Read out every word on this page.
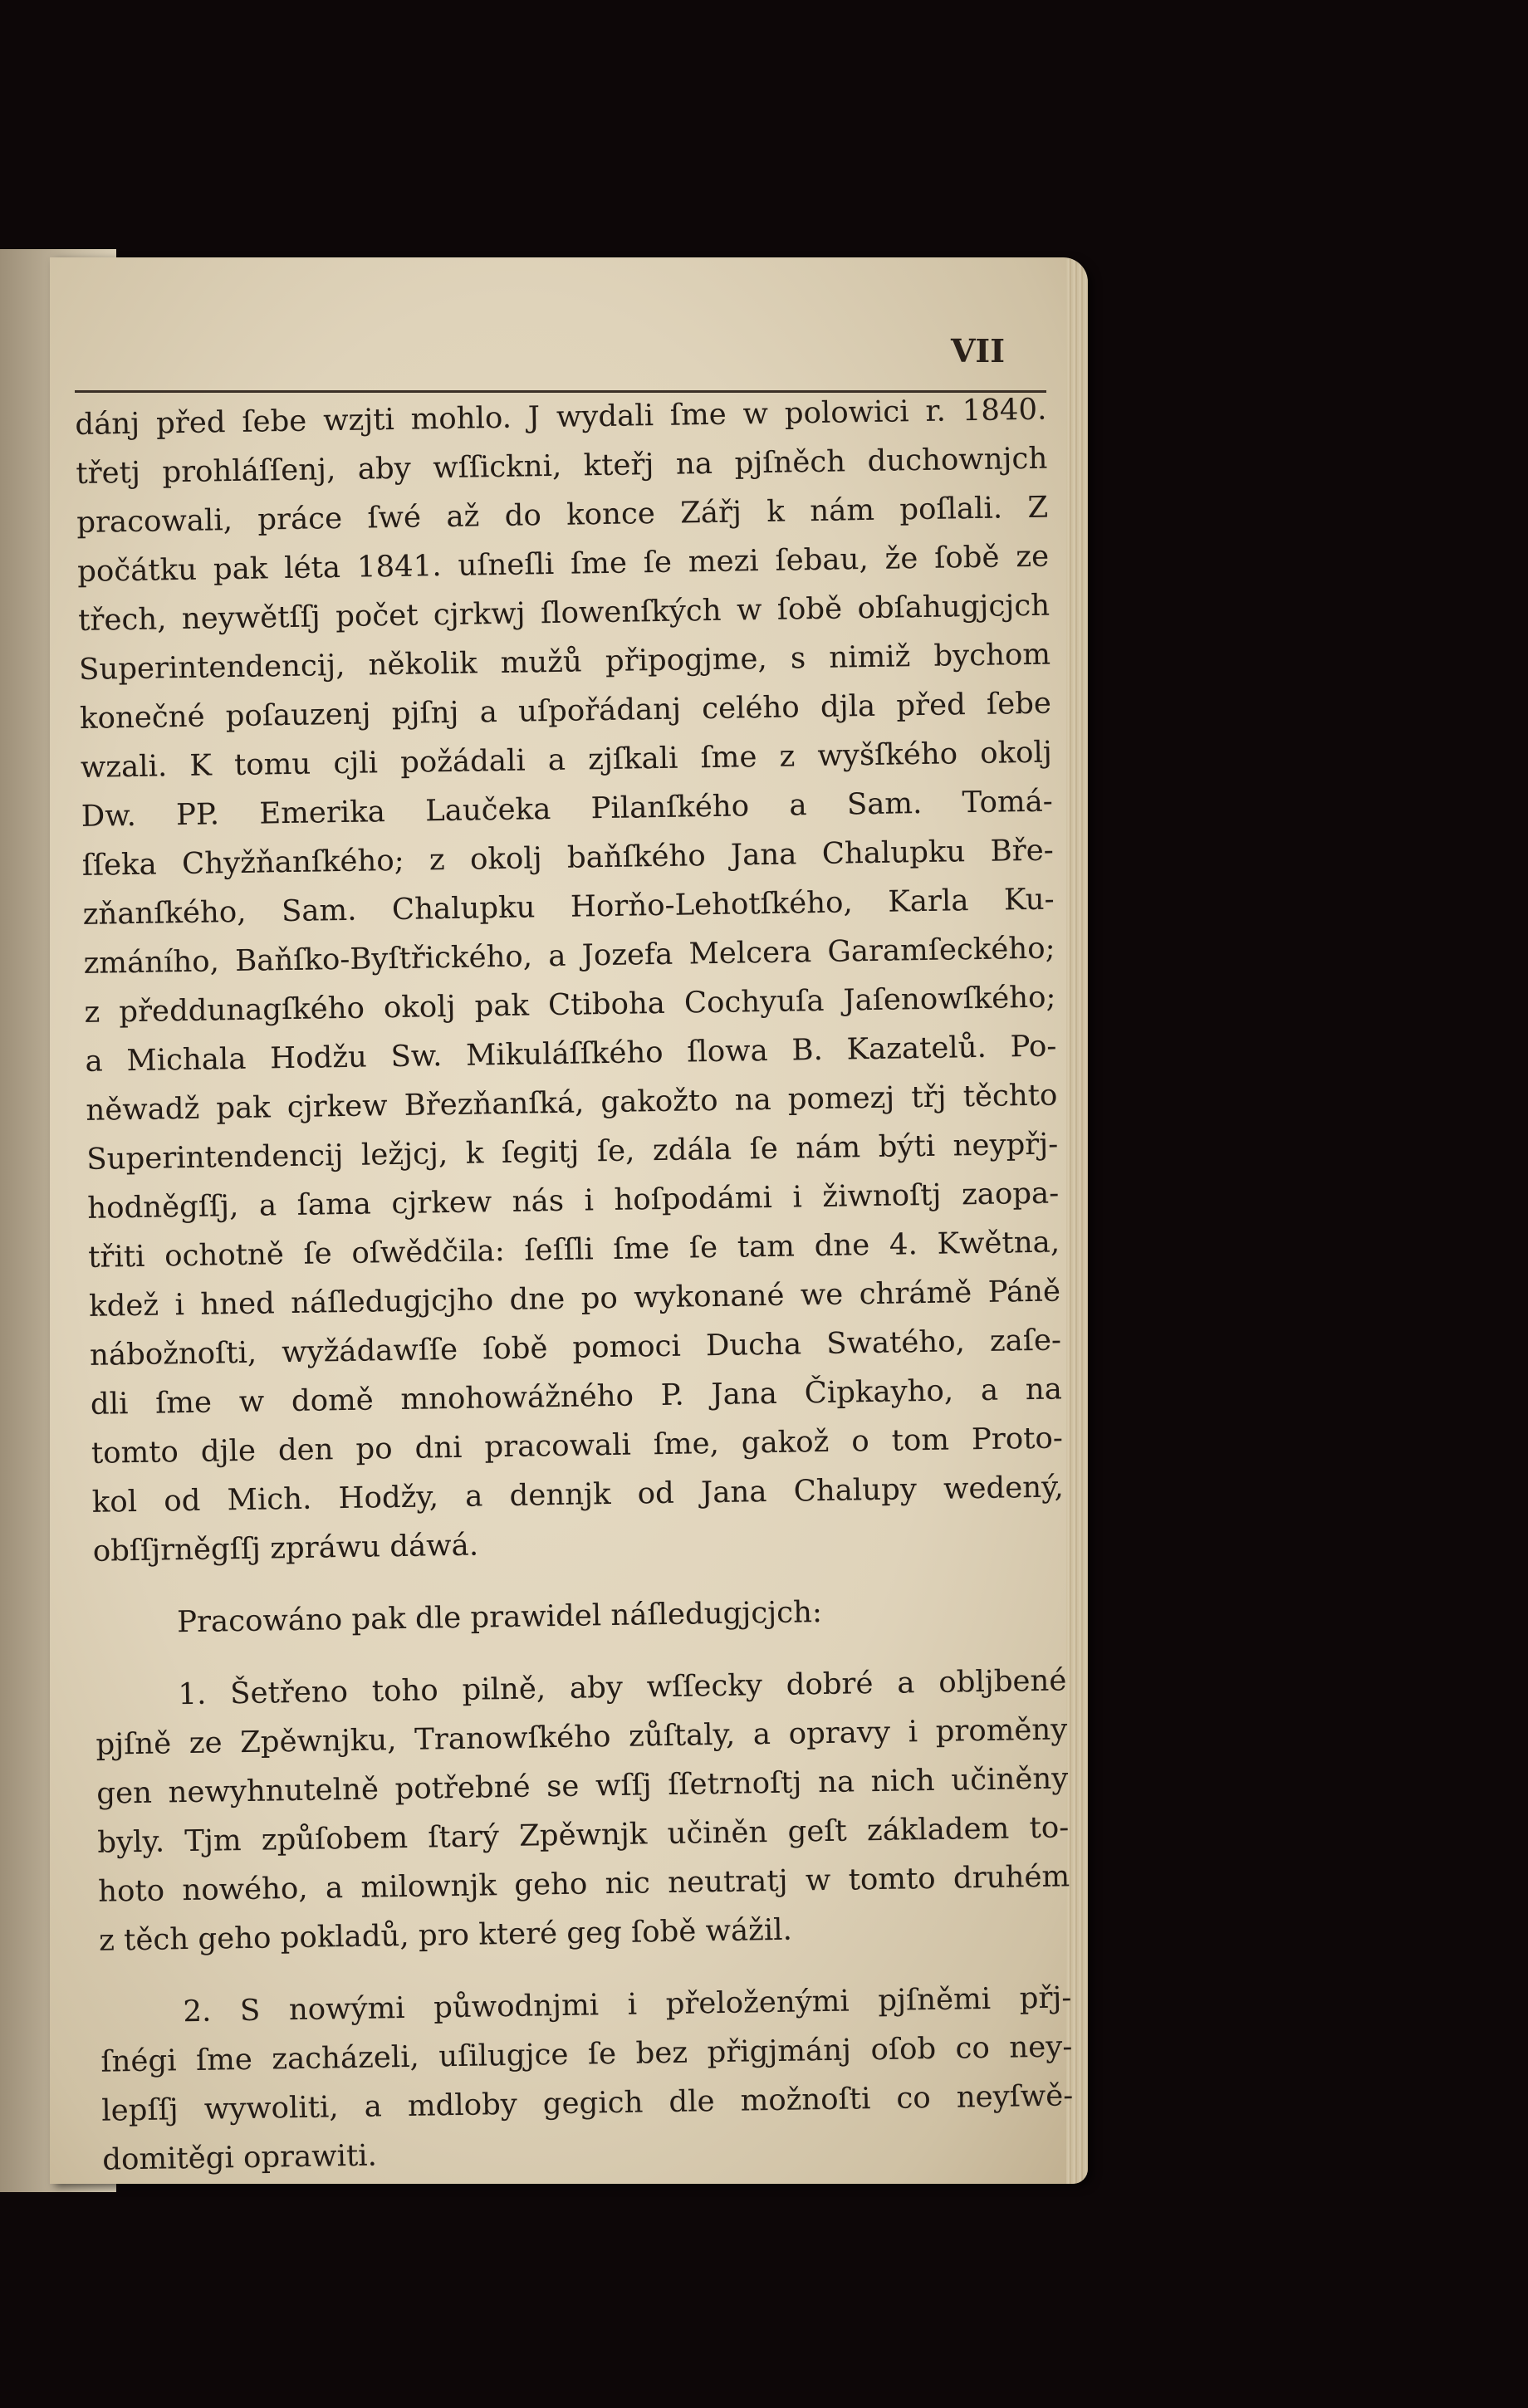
VII
dánj před ſebe wzjti mohlo. J wydali ſme w polowici r. 1840.
třetj prohláſſenj, aby wſſickni, kteřj na pjſněch duchownjch
pracowali, práce ſwé až do konce Zářj k nám poſlali. Z
počátku pak léta 1841. uſneſli ſme ſe mezi ſebau, že ſobě ze
třech, neywětſſj počet cjrkwj ſlowenſkých w ſobě obſahugjcjch
Superintendencij, několik mužů připogjme, s nimiž bychom
konečné poſauzenj pjſnj a uſpořádanj celého djla před ſebe
wzali. K tomu cjli požádali a zjſkali ſme z wyšſkého okolj
Dw. PP. Emerika Laučeka Pilanſkého a Sam. Tomá-
ſſeka Chyžňanſkého; z okolj baňſkého Jana Chalupku Bře-
zňanſkého, Sam. Chalupku Horňo-Lehotſkého, Karla Ku-
zmáního, Baňſko-Byſtřického, a Jozefa Melcera Garamſeckého;
z předdunagſkého okolj pak Ctiboha Cochyuſa Jaſenowſkého;
a Michala Hodžu Sw. Mikuláſſkého ſlowa B. Kazatelů. Po-
něwadž pak cjrkew Březňanſká, gakožto na pomezj třj těchto
Superintendencij ležjcj, k ſegitj ſe, zdála ſe nám býti neypřj-
hodněgſſj, a ſama cjrkew nás i hoſpodámi i žiwnoſtj zaopa-
třiti ochotně ſe oſwědčila: ſeſſli ſme ſe tam dne 4. Kwětna,
kdež i hned náſledugjcjho dne po wykonané we chrámě Páně
nábožnoſti, wyžádawſſe ſobě pomoci Ducha Swatého, zaſe-
dli ſme w domě mnohowážného P. Jana Čipkayho, a na
tomto djle den po dni pracowali ſme, gakož o tom Proto-
kol od Mich. Hodžy, a dennjk od Jana Chalupy wedený,
obſſjrněgſſj zpráwu dáwá.
Pracowáno pak dle prawidel náſledugjcjch:
1. Šetřeno toho pilně, aby wſſecky dobré a obljbené
pjſně ze Zpěwnjku, Tranowſkého zůſtaly, a opravy i proměny
gen newyhnutelně potřebné se wſſj ſſetrnoſtj na nich učiněny
byly. Tjm způſobem ſtarý Zpěwnjk učiněn geſt základem to-
hoto nowého, a milownjk geho nic neutratj w tomto druhém
z těch geho pokladů, pro které geg ſobě wážil.
2. S nowými půwodnjmi i přeloženými pjſněmi přj-
ſnégi ſme zacházeli, uſilugjce ſe bez přigjmánj oſob co ney-
lepſſj wywoliti, a mdloby gegich dle možnoſti co neyſwě-
domitěgi oprawiti.
